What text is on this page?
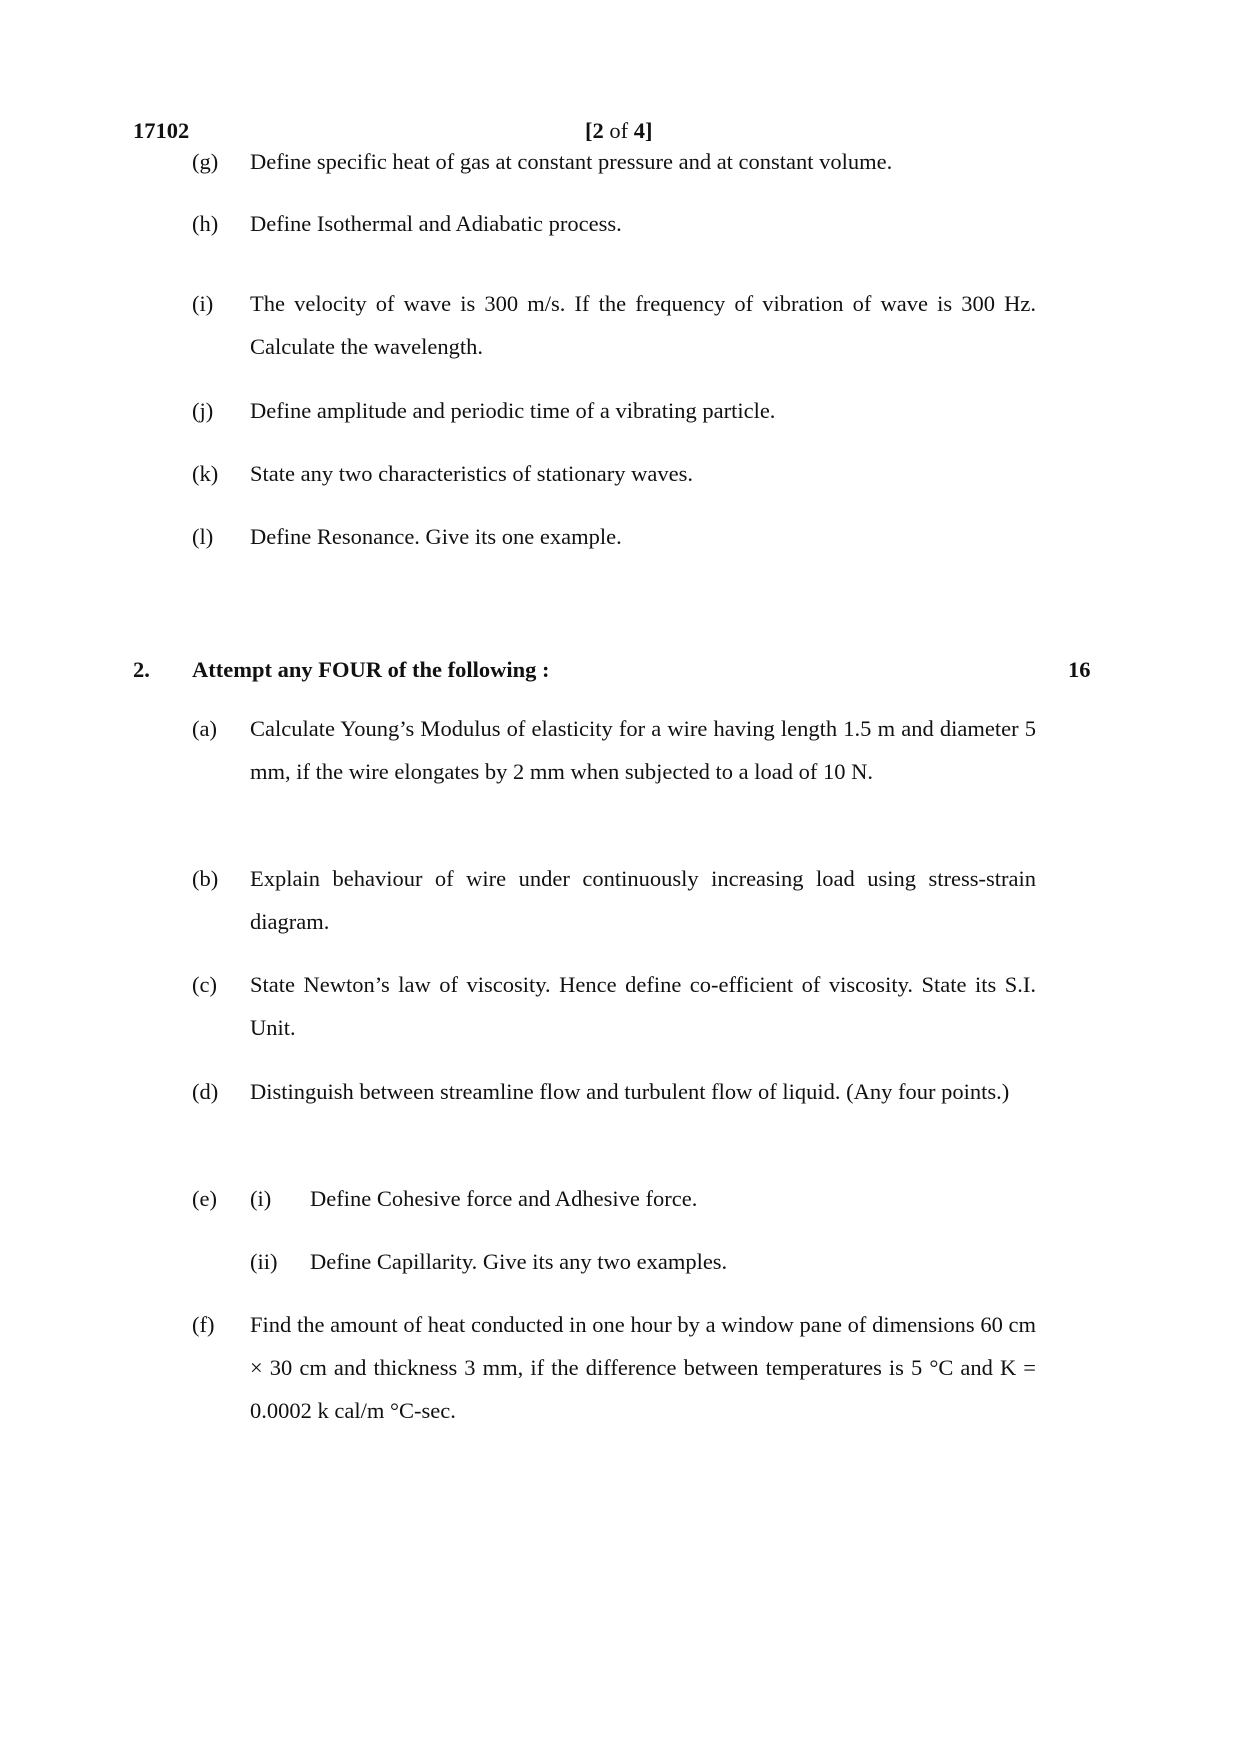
17102	[2 of 4]
(g) Define specific heat of gas at constant pressure and at constant volume.
(h) Define Isothermal and Adiabatic process.
(i) The velocity of wave is 300 m/s. If the frequency of vibration of wave is 300 Hz. Calculate the wavelength.
(j) Define amplitude and periodic time of a vibrating particle.
(k) State any two characteristics of stationary waves.
(l) Define Resonance. Give its one example.
2. Attempt any FOUR of the following :	16
(a) Calculate Young’s Modulus of elasticity for a wire having length 1.5 m and diameter 5 mm, if the wire elongates by 2 mm when subjected to a load of 10 N.
(b) Explain behaviour of wire under continuously increasing load using stress-strain diagram.
(c) State Newton’s law of viscosity. Hence define co-efficient of viscosity. State its S.I. Unit.
(d) Distinguish between streamline flow and turbulent flow of liquid. (Any four points.)
(e) (i) Define Cohesive force and Adhesive force.
(ii) Define Capillarity. Give its any two examples.
(f) Find the amount of heat conducted in one hour by a window pane of dimensions 60 cm × 30 cm and thickness 3 mm, if the difference between temperatures is 5 °C and K = 0.0002 k cal/m °C-sec.
